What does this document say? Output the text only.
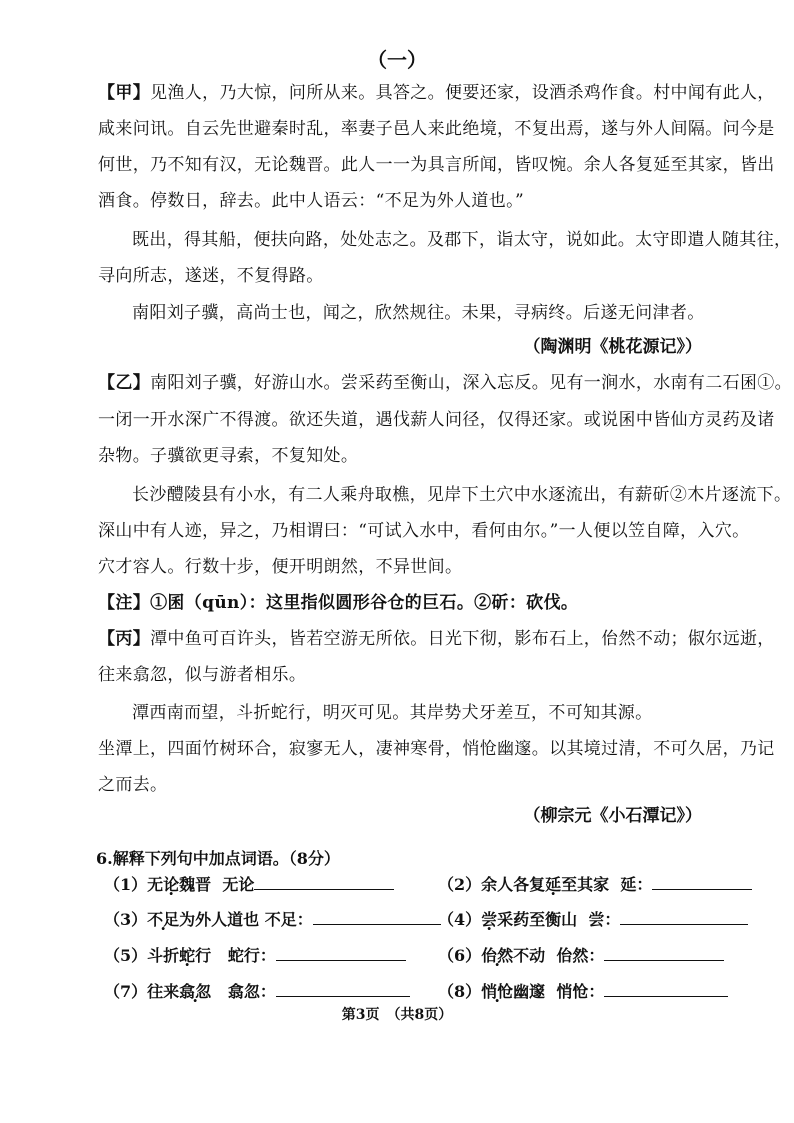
（一）
【甲】见渔人，乃大惊，问所从来。具答之。便要还家，设酒杀鸡作食。村中闻有此人，
咸来问讯。自云先世避秦时乱，率妻子邑人来此绝境，不复出焉，遂与外人间隔。问今是
何世，乃不知有汉，无论魏晋。此人一一为具言所闻，皆叹惋。余人各复延至其家，皆出
酒食。停数日，辞去。此中人语云：“不足为外人道也。”
既出，得其船，便扶向路，处处志之。及郡下，诣太守，说如此。太守即遣人随其往，
寻向所志，遂迷，不复得路。
南阳刘子骥，高尚士也，闻之，欣然规往。未果，寻病终。后遂无问津者。
（陶渊明《桃花源记》）
【乙】南阳刘子骥，好游山水。尝采药至衡山，深入忘反。见有一涧水，水南有二石囷①。
一闭一开水深广不得渡。欲还失道，遇伐薪人问径，仅得还家。或说囷中皆仙方灵药及诸
杂物。子骥欲更寻索，不复知处。
长沙醴陵县有小水，有二人乘舟取樵，见岸下土穴中水逐流出，有薪斫②木片逐流下。
深山中有人迹，异之，乃相谓曰：“可试入水中，看何由尔。”一人便以笠自障，入穴。
穴才容人。行数十步，便开明朗然，不异世间。
【注】①囷（qūn）：这里指似圆形谷仓的巨石。②斫：砍伐。
【丙】潭中鱼可百许头，皆若空游无所依。日光下彻，影布石上，佁然不动；俶尔远逝，
往来翕忽，似与游者相乐。
潭西南而望，斗折蛇行，明灭可见。其岸势犬牙差互，不可知其源。
坐潭上，四面竹树环合，寂寥无人，凄神寒骨，悄怆幽邃。以其境过清，不可久居，乃记
之而去。
（柳宗元《小石潭记》）
6.解释下列句中加点词语。（8分）
（1）无论魏晋 无论	（2）余人各复延至其家 延：
（3）不足为外人道也 不足：	（4）尝采药至衡山 尝：
（5）斗折蛇行 蛇行：	（6）佁然不动 佁然：
（7）往来翕忽 翕忽：	（8）悄怆幽邃 悄怆：
第3页　（共8页）
